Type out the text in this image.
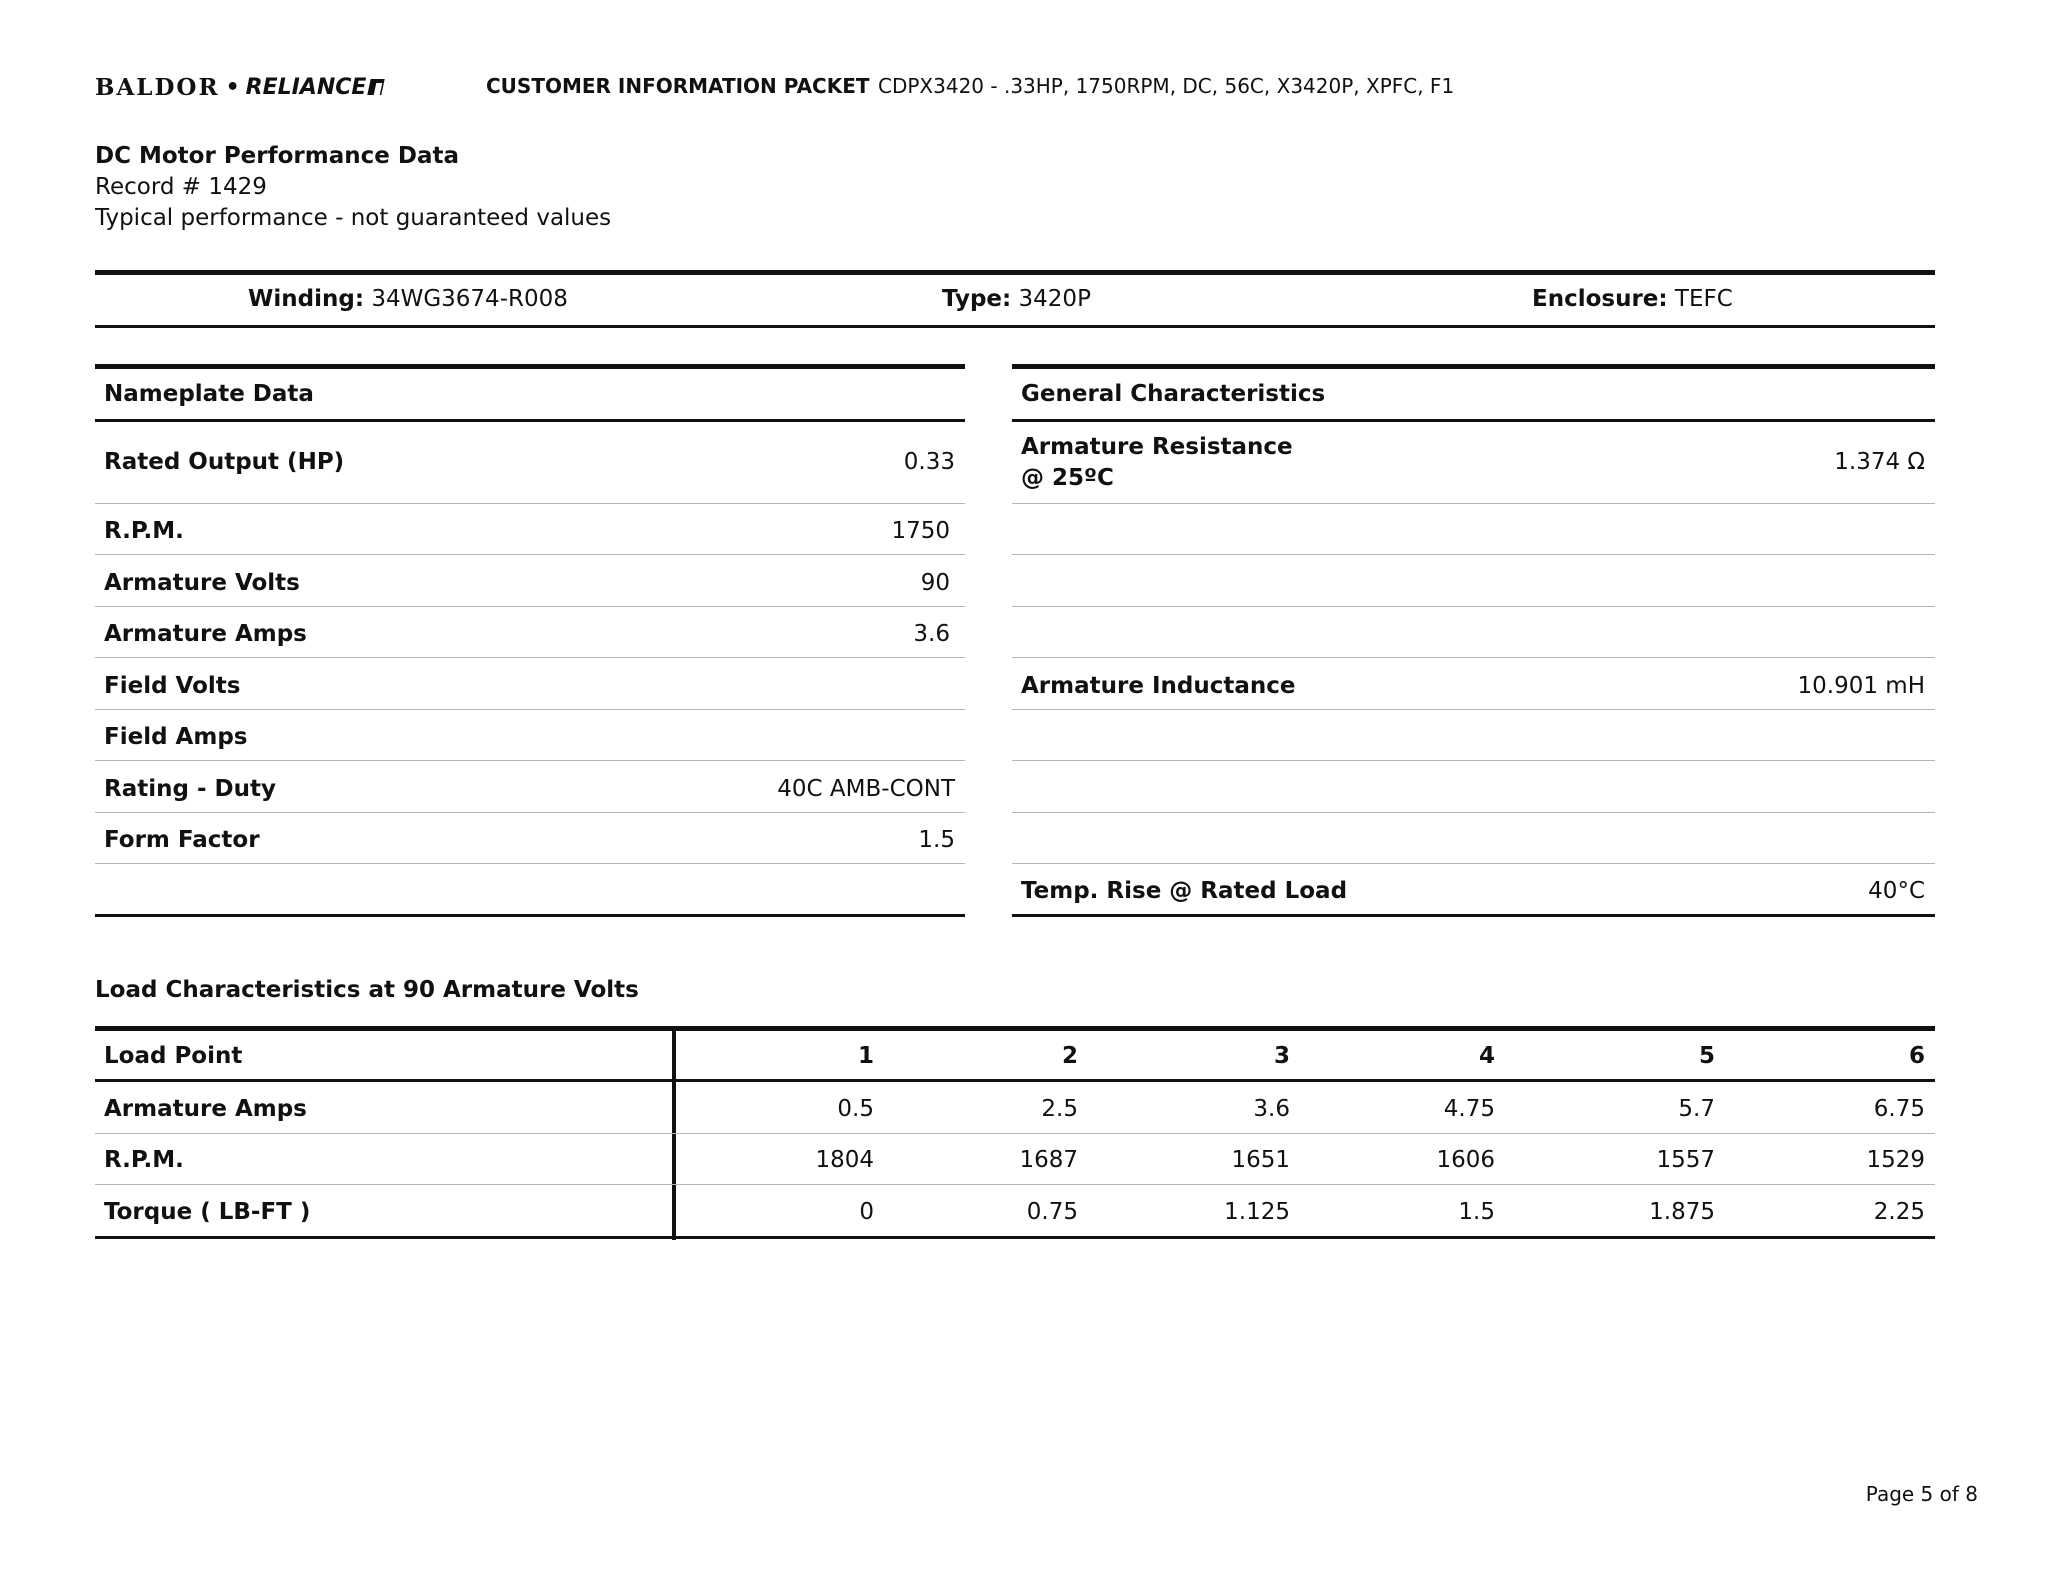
BALDOR • RELIANCE	CUSTOMER INFORMATION PACKET CDPX3420 - .33HP, 1750RPM, DC, 56C, X3420P, XPFC, F1
DC Motor Performance Data
Record # 1429
Typical performance - not guaranteed values
Winding: 34WG3674-R008	Type: 3420P	Enclosure: TEFC
Nameplate Data
Rated Output (HP)	0.33
R.P.M.	1750
Armature Volts	90
Armature Amps	3.6
Field Volts
Field Amps
Rating - Duty	40C AMB-CONT
Form Factor	1.5
General Characteristics
Armature Resistance
@ 25ºC
1.374 Ω
Armature Inductance	10.901 mH
Temp. Rise @ Rated Load	40°C
Load Characteristics at 90 Armature Volts
Load Point	1	2	3	4	5	6
Armature Amps	0.5	2.5	3.6	4.75	5.7	6.75
R.P.M.	1804	1687	1651	1606	1557	1529
Torque ( LB-FT )	0	0.75	1.125	1.5	1.875	2.25
Page 5 of 8
